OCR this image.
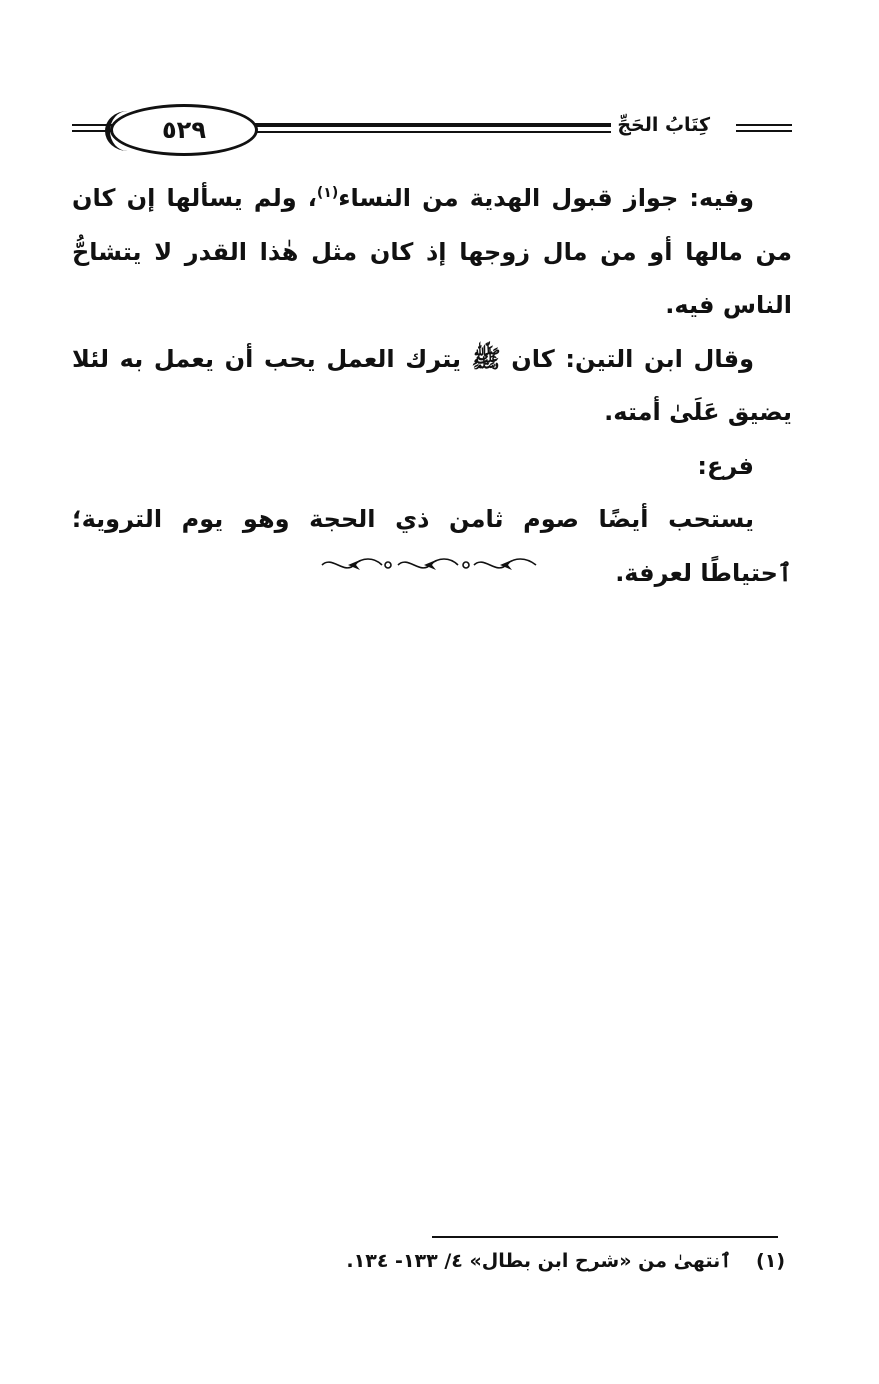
٥٢٩	كِتَابُ الحَجِّ

وفيه: جواز قبول الهدية من النساء$^{(١)}$، ولم يسألها إن كان من مالها أو من مال زوجها إذ كان مثل هٰذا القدر لا يتشاحُّ الناس فيه.

وقال ابن التين: كان ﷺ يترك العمل يحب أن يعمل به لئلا يضيق عَلَىٰ أمته.

فرع:

يستحب أيضًا صوم ثامن ذي الحجة وهو يوم التروية؛ ٱحتياطًا لعرفة.

(١) ٱنتهىٰ من «شرح ابن بطال» ٤/ ١٣٣- ١٣٤.
